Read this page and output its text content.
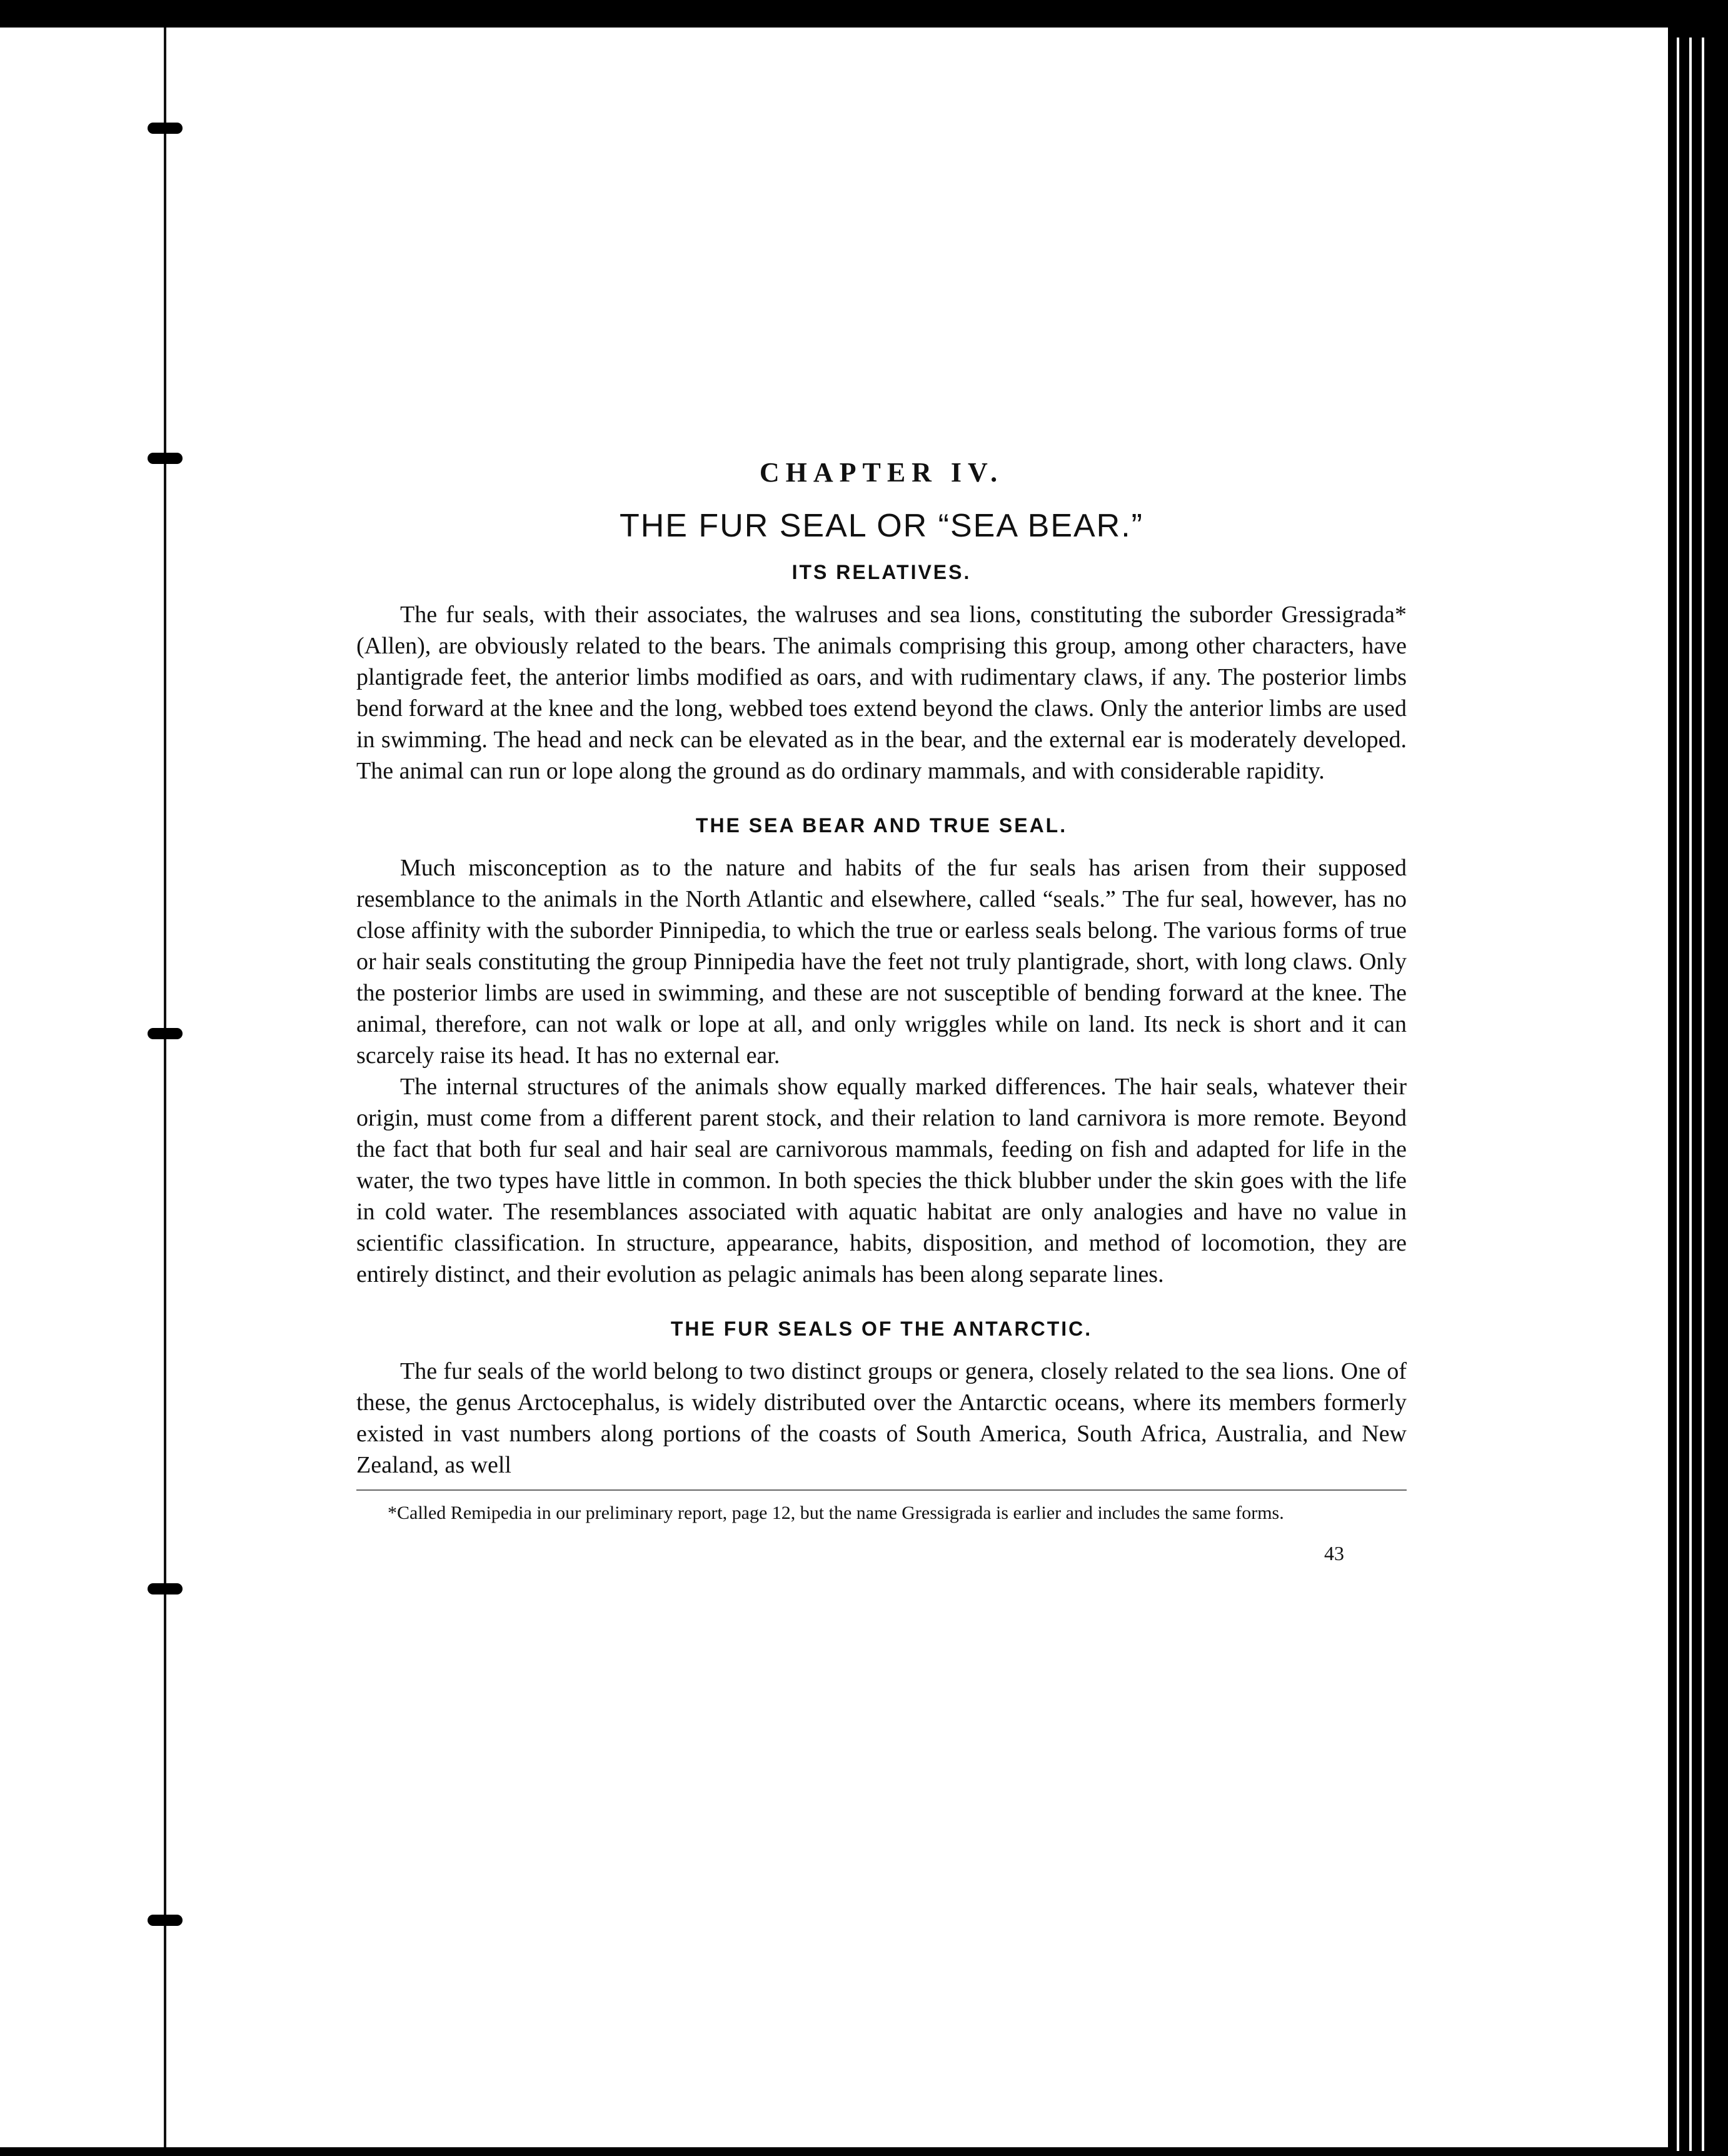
CHAPTER IV.
THE FUR SEAL OR “SEA BEAR.”
ITS RELATIVES.

The fur seals, with their associates, the walruses and sea lions, constituting the suborder Gressigrada* (Allen), are obviously related to the bears. The animals comprising this group, among other characters, have plantigrade feet, the anterior limbs modified as oars, and with rudimentary claws, if any. The posterior limbs bend forward at the knee and the long, webbed toes extend beyond the claws. Only the anterior limbs are used in swimming. The head and neck can be elevated as in the bear, and the external ear is moderately developed. The animal can run or lope along the ground as do ordinary mammals, and with considerable rapidity.

THE SEA BEAR AND TRUE SEAL.

Much misconception as to the nature and habits of the fur seals has arisen from their supposed resemblance to the animals in the North Atlantic and elsewhere, called “seals.” The fur seal, however, has no close affinity with the suborder Pinnipedia, to which the true or earless seals belong. The various forms of true or hair seals constituting the group Pinnipedia have the feet not truly plantigrade, short, with long claws. Only the posterior limbs are used in swimming, and these are not susceptible of bending forward at the knee. The animal, therefore, can not walk or lope at all, and only wriggles while on land. Its neck is short and it can scarcely raise its head. It has no external ear.

The internal structures of the animals show equally marked differences. The hair seals, whatever their origin, must come from a different parent stock, and their relation to land carnivora is more remote. Beyond the fact that both fur seal and hair seal are carnivorous mammals, feeding on fish and adapted for life in the water, the two types have little in common. In both species the thick blubber under the skin goes with the life in cold water. The resemblances associated with aquatic habitat are only analogies and have no value in scientific classification. In structure, appearance, habits, disposition, and method of locomotion, they are entirely distinct, and their evolution as pelagic animals has been along separate lines.

THE FUR SEALS OF THE ANTARCTIC.

The fur seals of the world belong to two distinct groups or genera, closely related to the sea lions. One of these, the genus Arctocephalus, is widely distributed over the Antarctic oceans, where its members formerly existed in vast numbers along portions of the coasts of South America, South Africa, Australia, and New Zealand, as well

*Called Remipedia in our preliminary report, page 12, but the name Gressigrada is earlier and includes the same forms.

43
